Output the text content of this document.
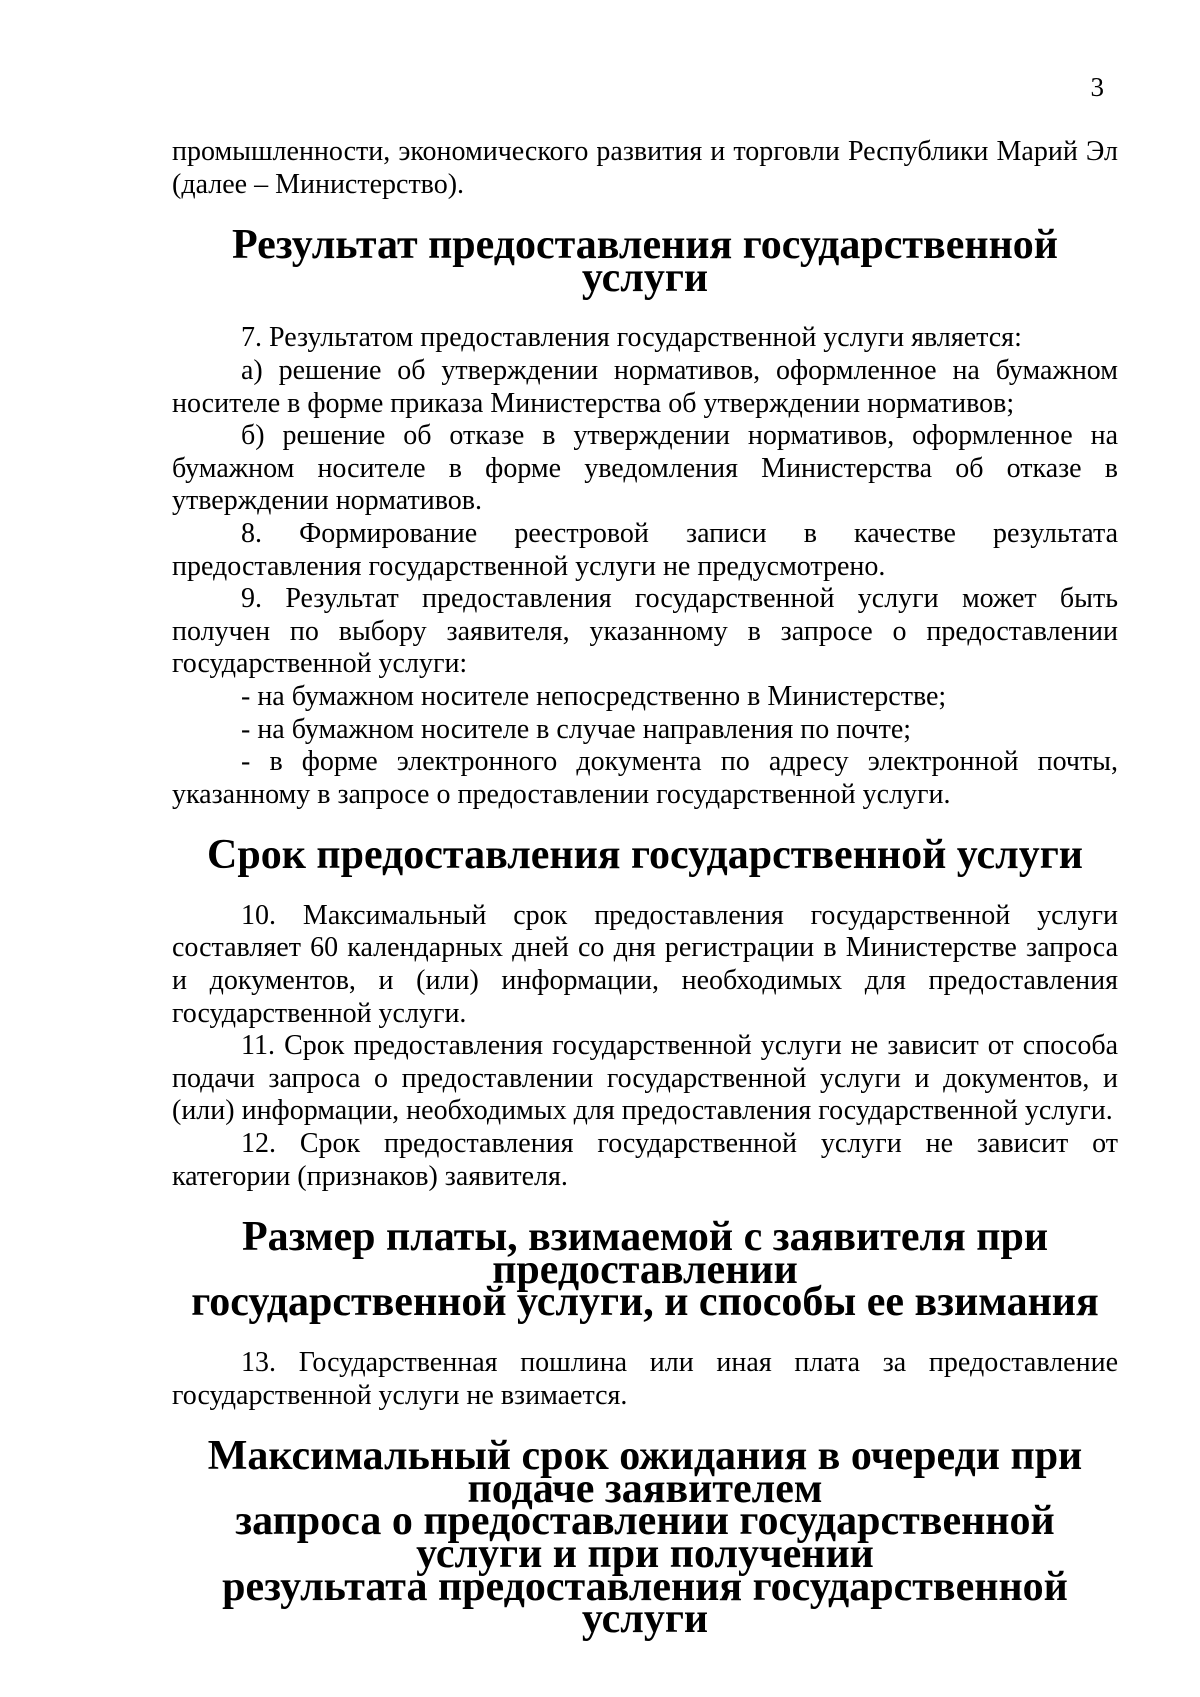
3

промышленности, экономического развития и торговли Республики Марий Эл (далее – Министерство).

Результат предоставления государственной услуги

7. Результатом предоставления государственной услуги является:

а) решение об утверждении нормативов, оформленное на бумажном носителе в форме приказа Министерства об утверждении нормативов;

б) решение об отказе в утверждении нормативов, оформленное на бумажном носителе в форме уведомления Министерства об отказе в утверждении нормативов.

8. Формирование реестровой записи в качестве результата предоставления государственной услуги не предусмотрено.

9. Результат предоставления государственной услуги может быть получен по выбору заявителя, указанному в запросе о предоставлении государственной услуги:

- на бумажном носителе непосредственно в Министерстве;

- на бумажном носителе в случае направления по почте;

- в форме электронного документа по адресу электронной почты, указанному в запросе о предоставлении государственной услуги.

Срок предоставления государственной услуги

10. Максимальный срок предоставления государственной услуги составляет 60 календарных дней со дня регистрации в Министерстве запроса и документов, и (или) информации, необходимых для предоставления государственной услуги.

11. Срок предоставления государственной услуги не зависит от способа подачи запроса о предоставлении государственной услуги и документов, и (или) информации, необходимых для предоставления государственной услуги.

12. Срок предоставления государственной услуги не зависит от категории (признаков) заявителя.

Размер платы, взимаемой с заявителя при предоставлении
государственной услуги, и способы ее взимания

13. Государственная пошлина или иная плата за предоставление государственной услуги не взимается.

Максимальный срок ожидания в очереди при подаче заявителем
запроса о предоставлении государственной услуги и при получении
результата предоставления государственной услуги
